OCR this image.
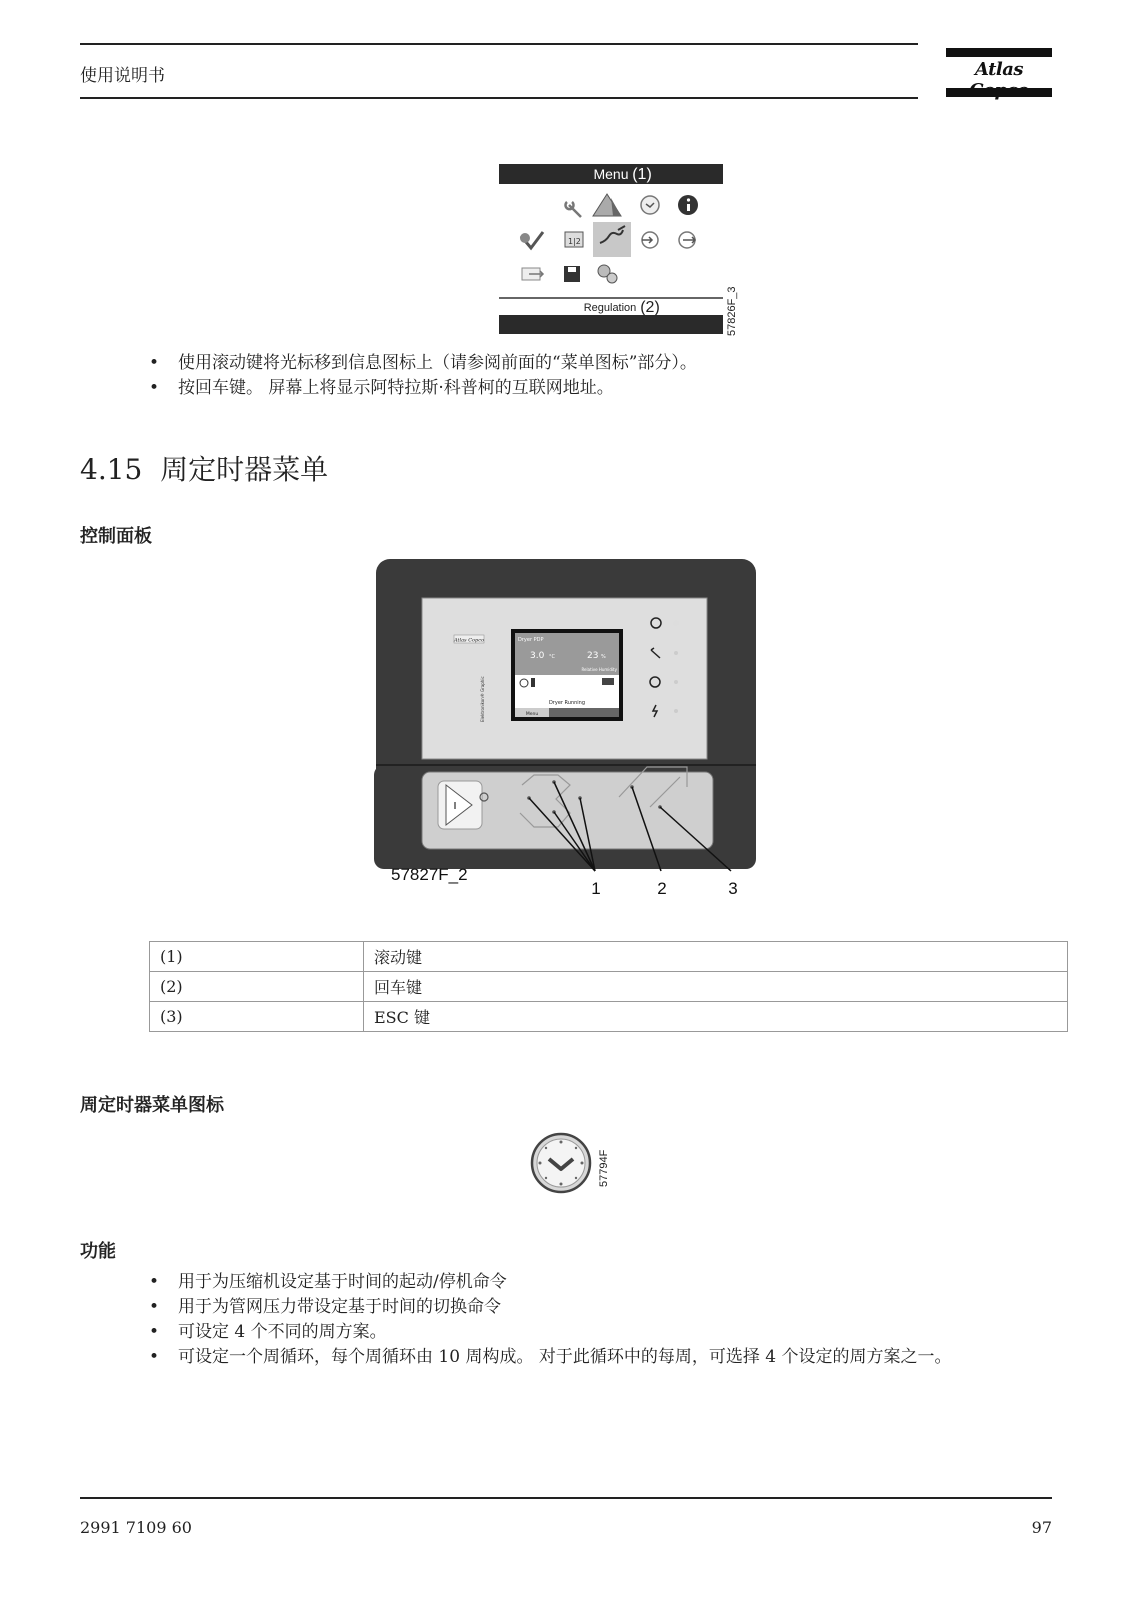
使用说明书	Atlas
1|2
Menu (1)
Regulation (2)	57826F_3
• 使用滚动键将光标移到信息图标上（请参阅前面的“菜单图标”部分）。
• 按回车键。 屏幕上将显示阿特拉斯·科普柯的互联网地址。
4.15 周定时器菜单
控制面板
Atlas Copco
Elektronikon® Graphic
Dryer PDP
3.0 °C	23 %
Relative Humidity
Dryer Running
Menu
57827F_2
1	2	3
(1)	滚动键
(2)	回车键
(3)	ESC 键
周定时器菜单图标
57794F
功能
• 用于为压缩机设定基于时间的起动/停机命令
• 用于为管网压力带设定基于时间的切换命令
• 可设定 4 个不同的周方案。
• 可设定一个周循环，每个周循环由 10 周构成。 对于此循环中的每周，可选择 4 个设定的周方案之一。
2991 7109 60	97
